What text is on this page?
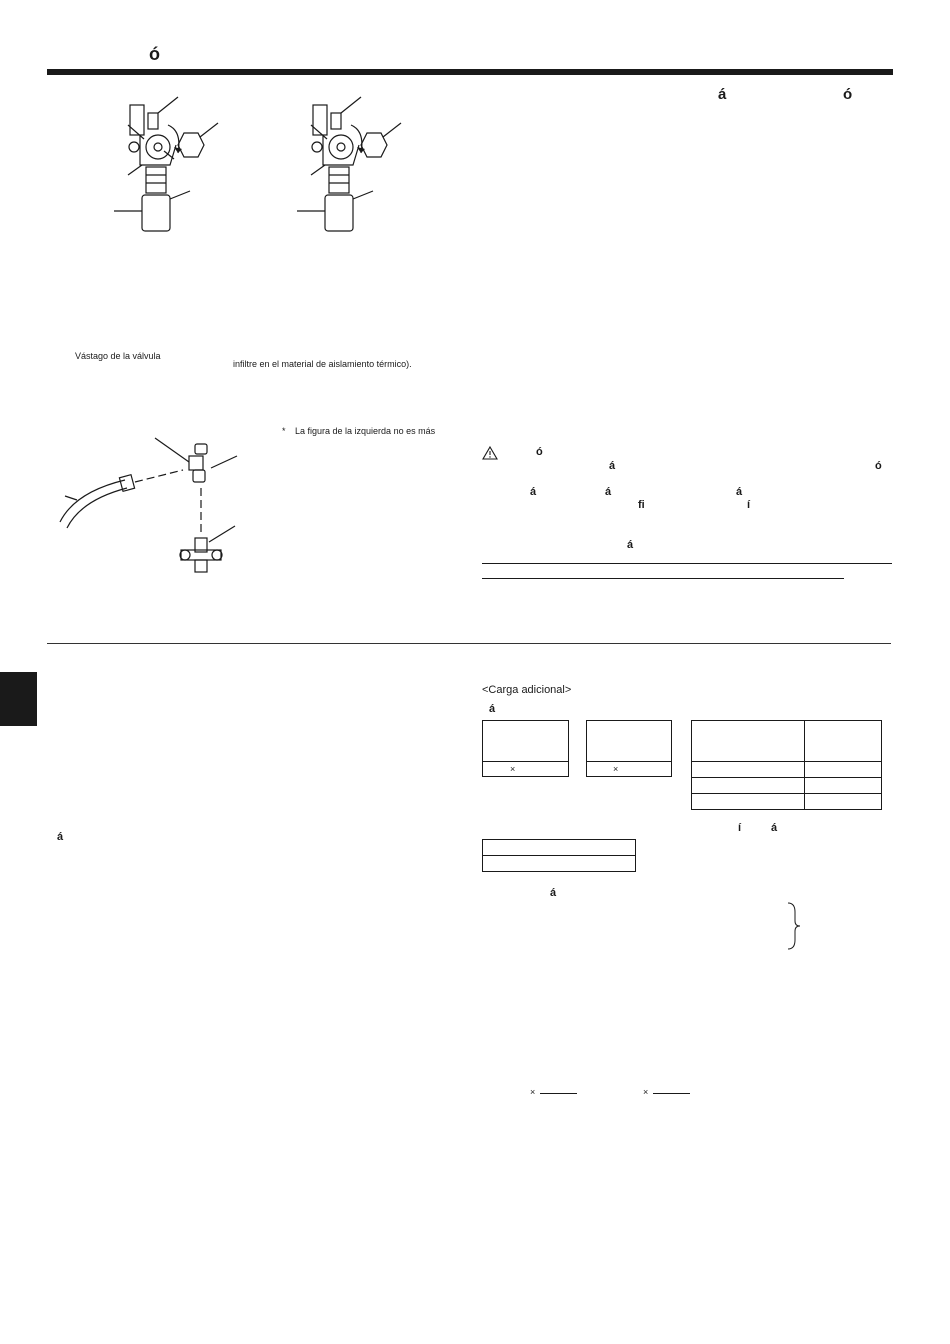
ó
Vástago de la válvula
infiltre en el material de aislamiento térmico).
* La figura de la izquierda no es más
á	ó
ó
á	ó
á	á	á
fi	í
á
á
<Carga adicional>
á
×	×
í	á
á
×	×
